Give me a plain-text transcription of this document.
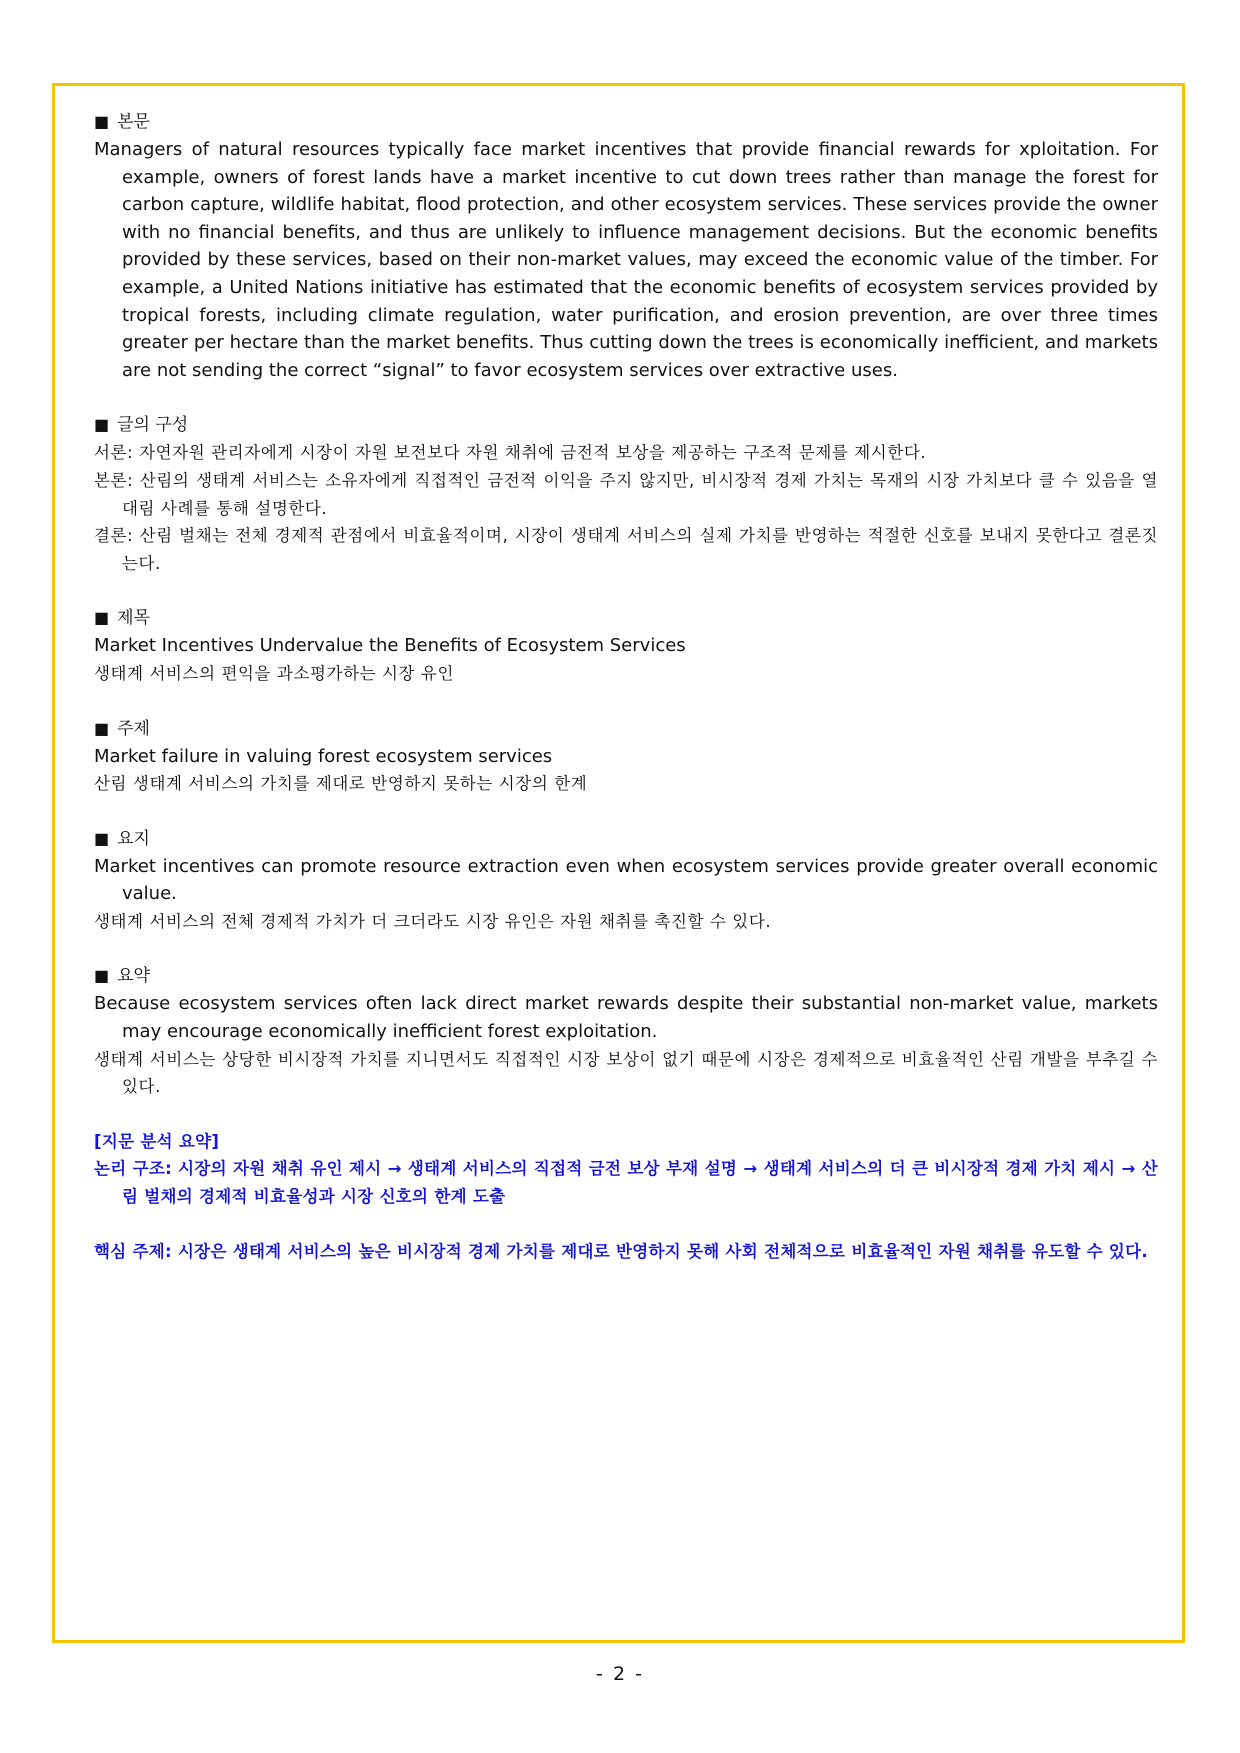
■ 본문

Managers of natural resources typically face market incentives that provide financial rewards for xploitation. For example, owners of forest lands have a market incentive to cut down trees rather than manage the forest for carbon capture, wildlife habitat, flood protection, and other ecosystem services. These services provide the owner with no financial benefits, and thus are unlikely to influence management decisions. But the economic benefits provided by these services, based on their non-market values, may exceed the economic value of the timber. For example, a United Nations initiative has estimated that the economic benefits of ecosystem services provided by tropical forests, including climate regulation, water purification, and erosion prevention, are over three times greater per hectare than the market benefits. Thus cutting down the trees is economically inefficient, and markets are not sending the correct “signal” to favor ecosystem services over extractive uses.

■ 글의 구성

서론: 자연자원 관리자에게 시장이 자원 보전보다 자원 채취에 금전적 보상을 제공하는 구조적 문제를 제시한다.

본론: 산림의 생태계 서비스는 소유자에게 직접적인 금전적 이익을 주지 않지만, 비시장적 경제 가치는 목재의 시장 가치보다 클 수 있음을 열대림 사례를 통해 설명한다.

결론: 산림 벌채는 전체 경제적 관점에서 비효율적이며, 시장이 생태계 서비스의 실제 가치를 반영하는 적절한 신호를 보내지 못한다고 결론짓는다.

■ 제목

Market Incentives Undervalue the Benefits of Ecosystem Services

생태계 서비스의 편익을 과소평가하는 시장 유인

■ 주제

Market failure in valuing forest ecosystem services

산림 생태계 서비스의 가치를 제대로 반영하지 못하는 시장의 한계

■ 요지

Market incentives can promote resource extraction even when ecosystem services provide greater overall economic value.

생태계 서비스의 전체 경제적 가치가 더 크더라도 시장 유인은 자원 채취를 촉진할 수 있다.

■ 요약

Because ecosystem services often lack direct market rewards despite their substantial non-market value, markets may encourage economically inefficient forest exploitation.

생태계 서비스는 상당한 비시장적 가치를 지니면서도 직접적인 시장 보상이 없기 때문에 시장은 경제적으로 비효율적인 산림 개발을 부추길 수 있다.

[지문 분석 요약]

논리 구조: 시장의 자원 채취 유인 제시 → 생태계 서비스의 직접적 금전 보상 부재 설명 → 생태계 서비스의 더 큰 비시장적 경제 가치 제시 → 산림 벌채의 경제적 비효율성과 시장 신호의 한계 도출

핵심 주제: 시장은 생태계 서비스의 높은 비시장적 경제 가치를 제대로 반영하지 못해 사회 전체적으로 비효율적인 자원 채취를 유도할 수 있다.

- 2 -
